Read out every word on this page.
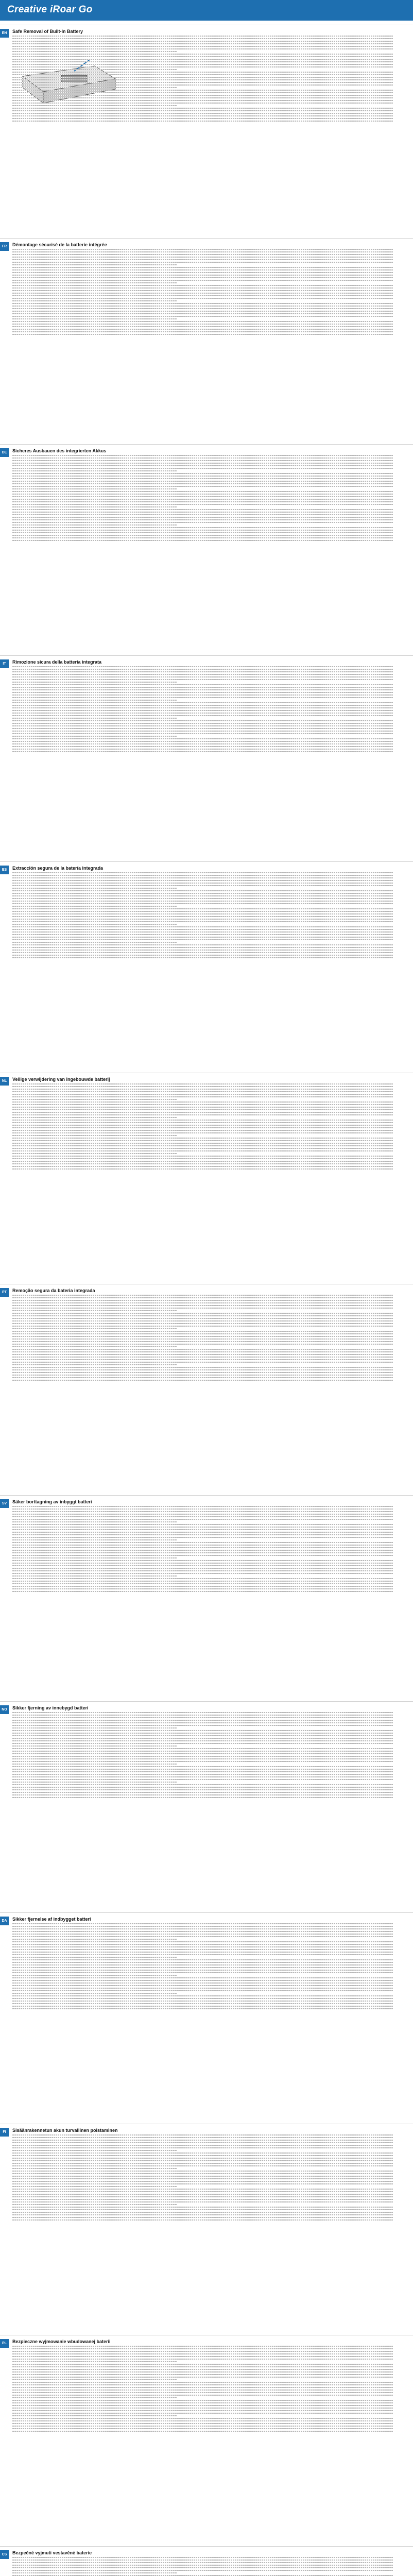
Creative iRoar Go
EN	Safe Removal of Built-In Battery
FR	Démontage sécurisé de la batterie intégrée
DE	Sicheres Ausbauen des integrierten Akkus
IT	Rimozione sicura della batteria integrata
ES	Extracción segura de la batería integrada
NL	Veilige verwijdering van ingebouwde batterij
PT	Remoção segura da bateria integrada
SV	Säker borttagning av inbyggt batteri
NO	Sikker fjerning av innebygd batteri
DA	Sikker fjernelse af indbygget batteri
FI	Sisäänrakennetun akun turvallinen poistaminen
PL	Bezpieczne wyjmowanie wbudowanej baterii
CS	Bezpečné vyjmutí vestavěné baterie
